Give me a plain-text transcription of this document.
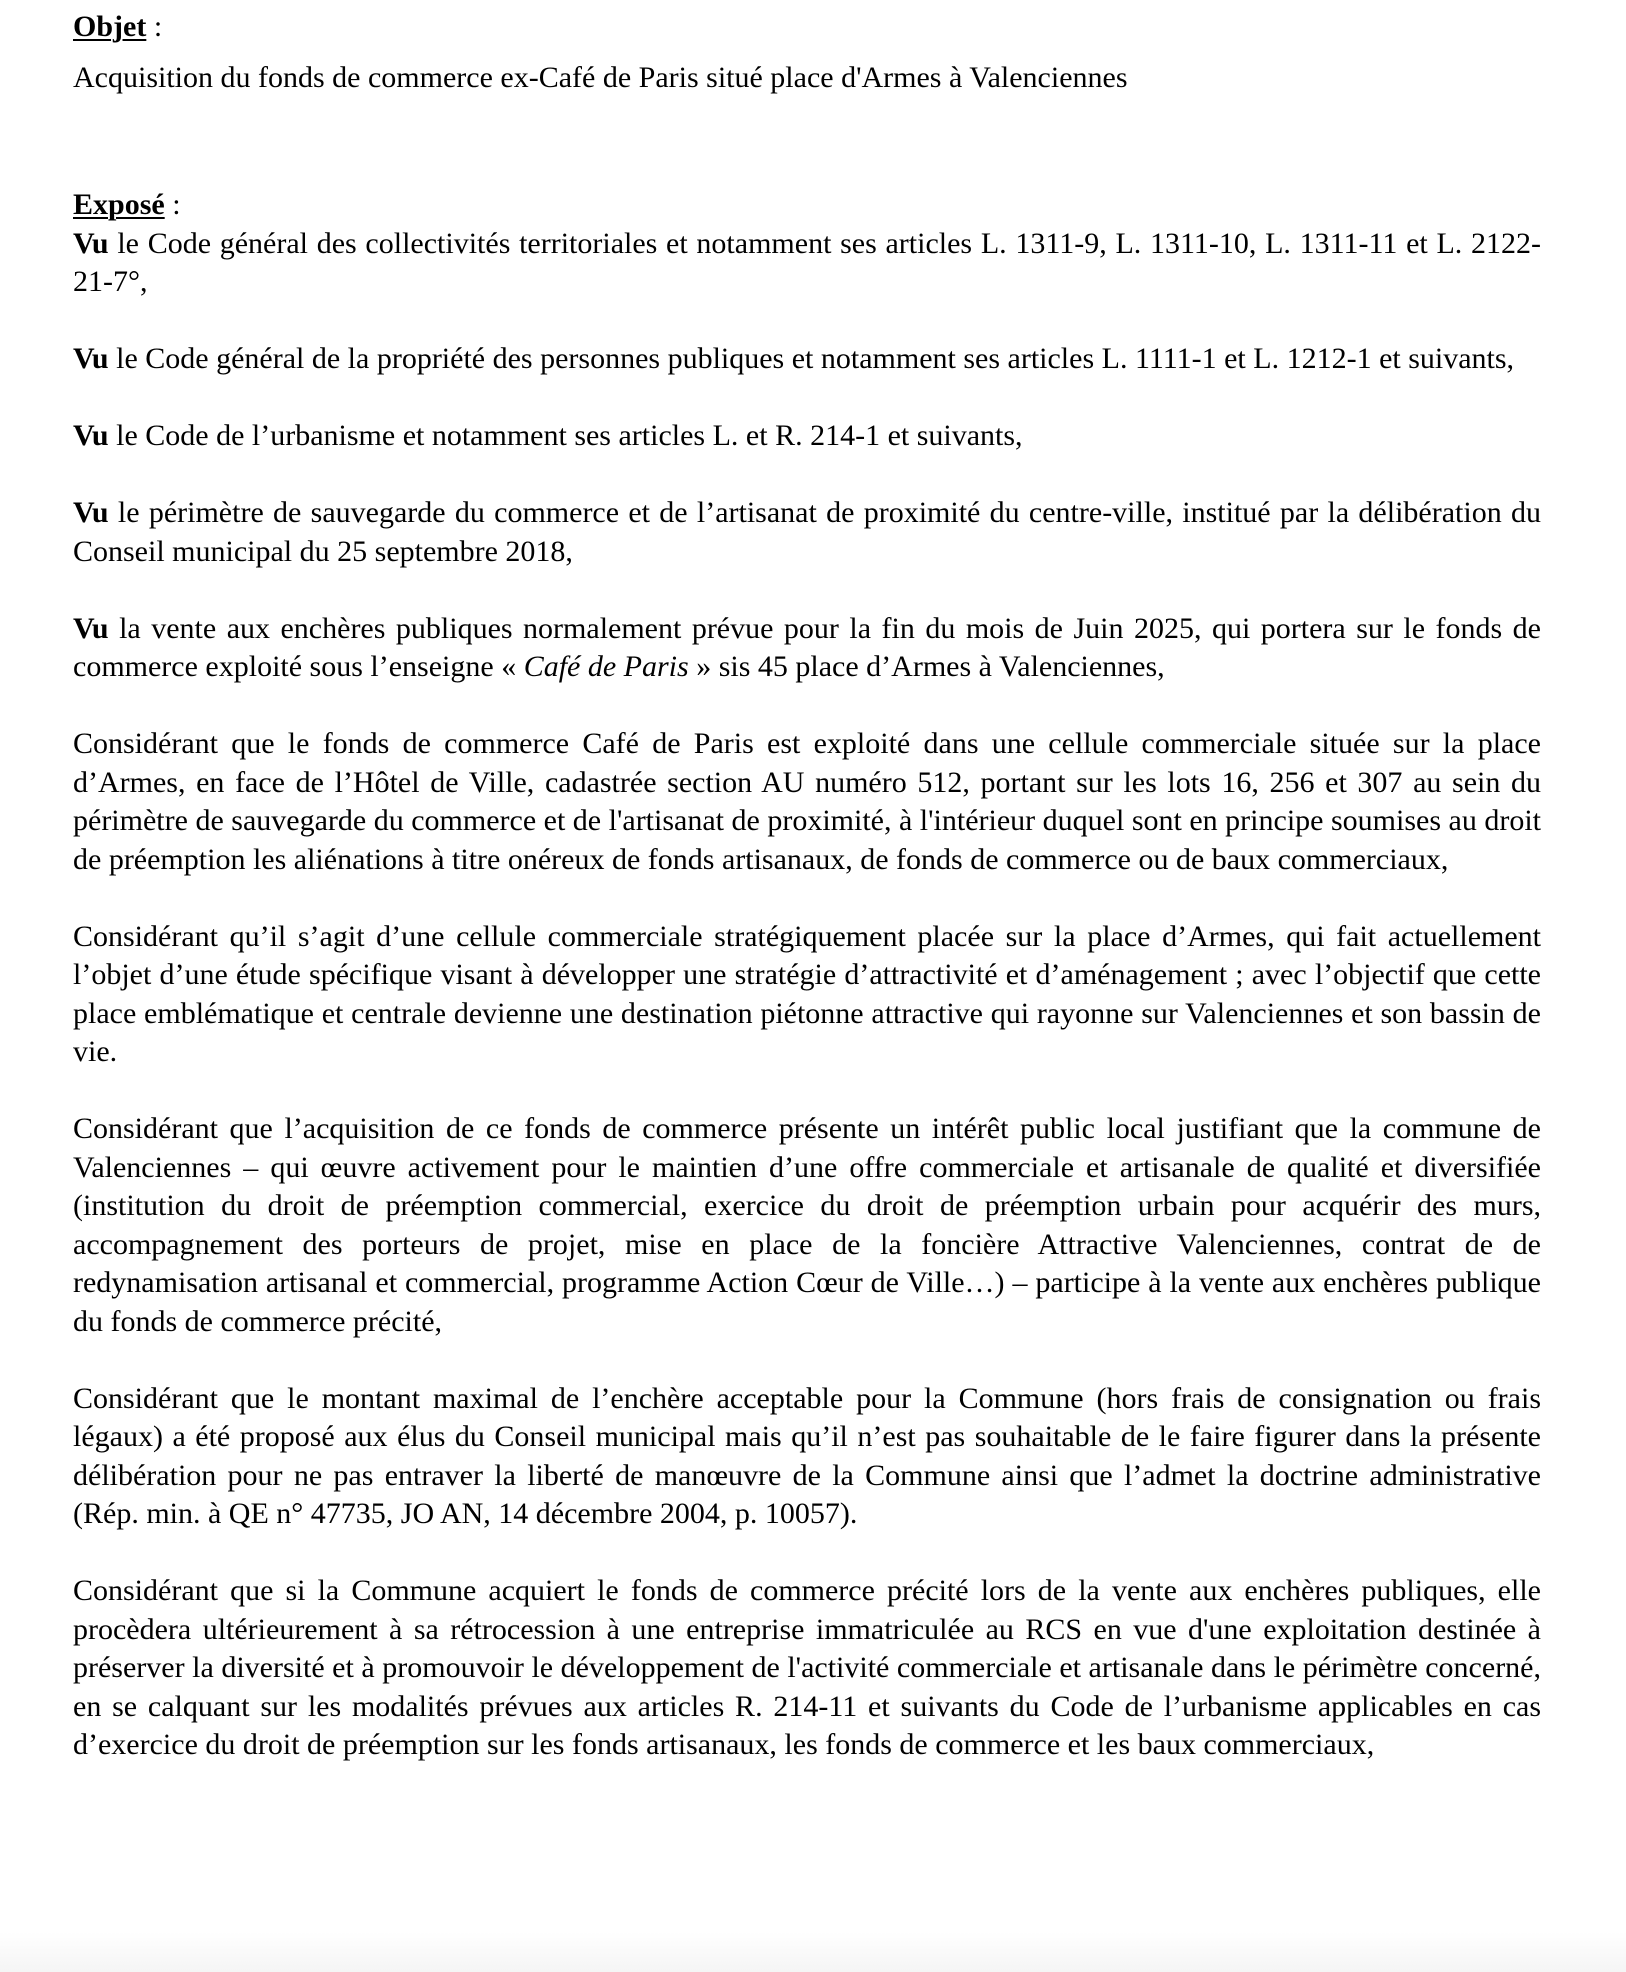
Objet :

Acquisition du fonds de commerce ex-Café de Paris situé place d'Armes à Valenciennes

Exposé :

Vu le Code général des collectivités territoriales et notamment ses articles L. 1311-9, L. 1311-10, L. 1311-11 et L. 2122-21-7°,

Vu le Code général de la propriété des personnes publiques et notamment ses articles L. 1111-1 et L. 1212-1 et suivants,

Vu le Code de l’urbanisme et notamment ses articles L. et R. 214-1 et suivants,

Vu le périmètre de sauvegarde du commerce et de l’artisanat de proximité du centre-ville, institué par la délibération du Conseil municipal du 25 septembre 2018,

Vu la vente aux enchères publiques normalement prévue pour la fin du mois de Juin 2025, qui portera sur le fonds de commerce exploité sous l’enseigne « Café de Paris » sis 45 place d’Armes à Valenciennes,

Considérant que le fonds de commerce Café de Paris est exploité dans une cellule commerciale située sur la place d’Armes, en face de l’Hôtel de Ville, cadastrée section AU numéro 512, portant sur les lots 16, 256 et 307 au sein du périmètre de sauvegarde du commerce et de l'artisanat de proximité, à l'intérieur duquel sont en principe soumises au droit de préemption les aliénations à titre onéreux de fonds artisanaux, de fonds de commerce ou de baux commerciaux,

Considérant qu’il s’agit d’une cellule commerciale stratégiquement placée sur la place d’Armes, qui fait actuellement l’objet d’une étude spécifique visant à développer une stratégie d’attractivité et d’aménagement ; avec l’objectif que cette place emblématique et centrale devienne une destination piétonne attractive qui rayonne sur Valenciennes et son bassin de vie.

Considérant que l’acquisition de ce fonds de commerce présente un intérêt public local justifiant que la commune de Valenciennes – qui œuvre activement pour le maintien d’une offre commerciale et artisanale de qualité et diversifiée (institution du droit de préemption commercial, exercice du droit de préemption urbain pour acquérir des murs, accompagnement des porteurs de projet, mise en place de la foncière Attractive Valenciennes, contrat de de redynamisation artisanal et commercial, programme Action Cœur de Ville…) – participe à la vente aux enchères publique du fonds de commerce précité,

Considérant que le montant maximal de l’enchère acceptable pour la Commune (hors frais de consignation ou frais légaux) a été proposé aux élus du Conseil municipal mais qu’il n’est pas souhaitable de le faire figurer dans la présente délibération pour ne pas entraver la liberté de manœuvre de la Commune ainsi que l’admet la doctrine administrative (Rép. min. à QE n° 47735, JO AN, 14 décembre 2004, p. 10057).

Considérant que si la Commune acquiert le fonds de commerce précité lors de la vente aux enchères publiques, elle procèdera ultérieurement à sa rétrocession à une entreprise immatriculée au RCS en vue d'une exploitation destinée à préserver la diversité et à promouvoir le développement de l'activité commerciale et artisanale dans le périmètre concerné, en se calquant sur les modalités prévues aux articles R. 214-11 et suivants du Code de l’urbanisme applicables en cas d’exercice du droit de préemption sur les fonds artisanaux, les fonds de commerce et les baux commerciaux,
